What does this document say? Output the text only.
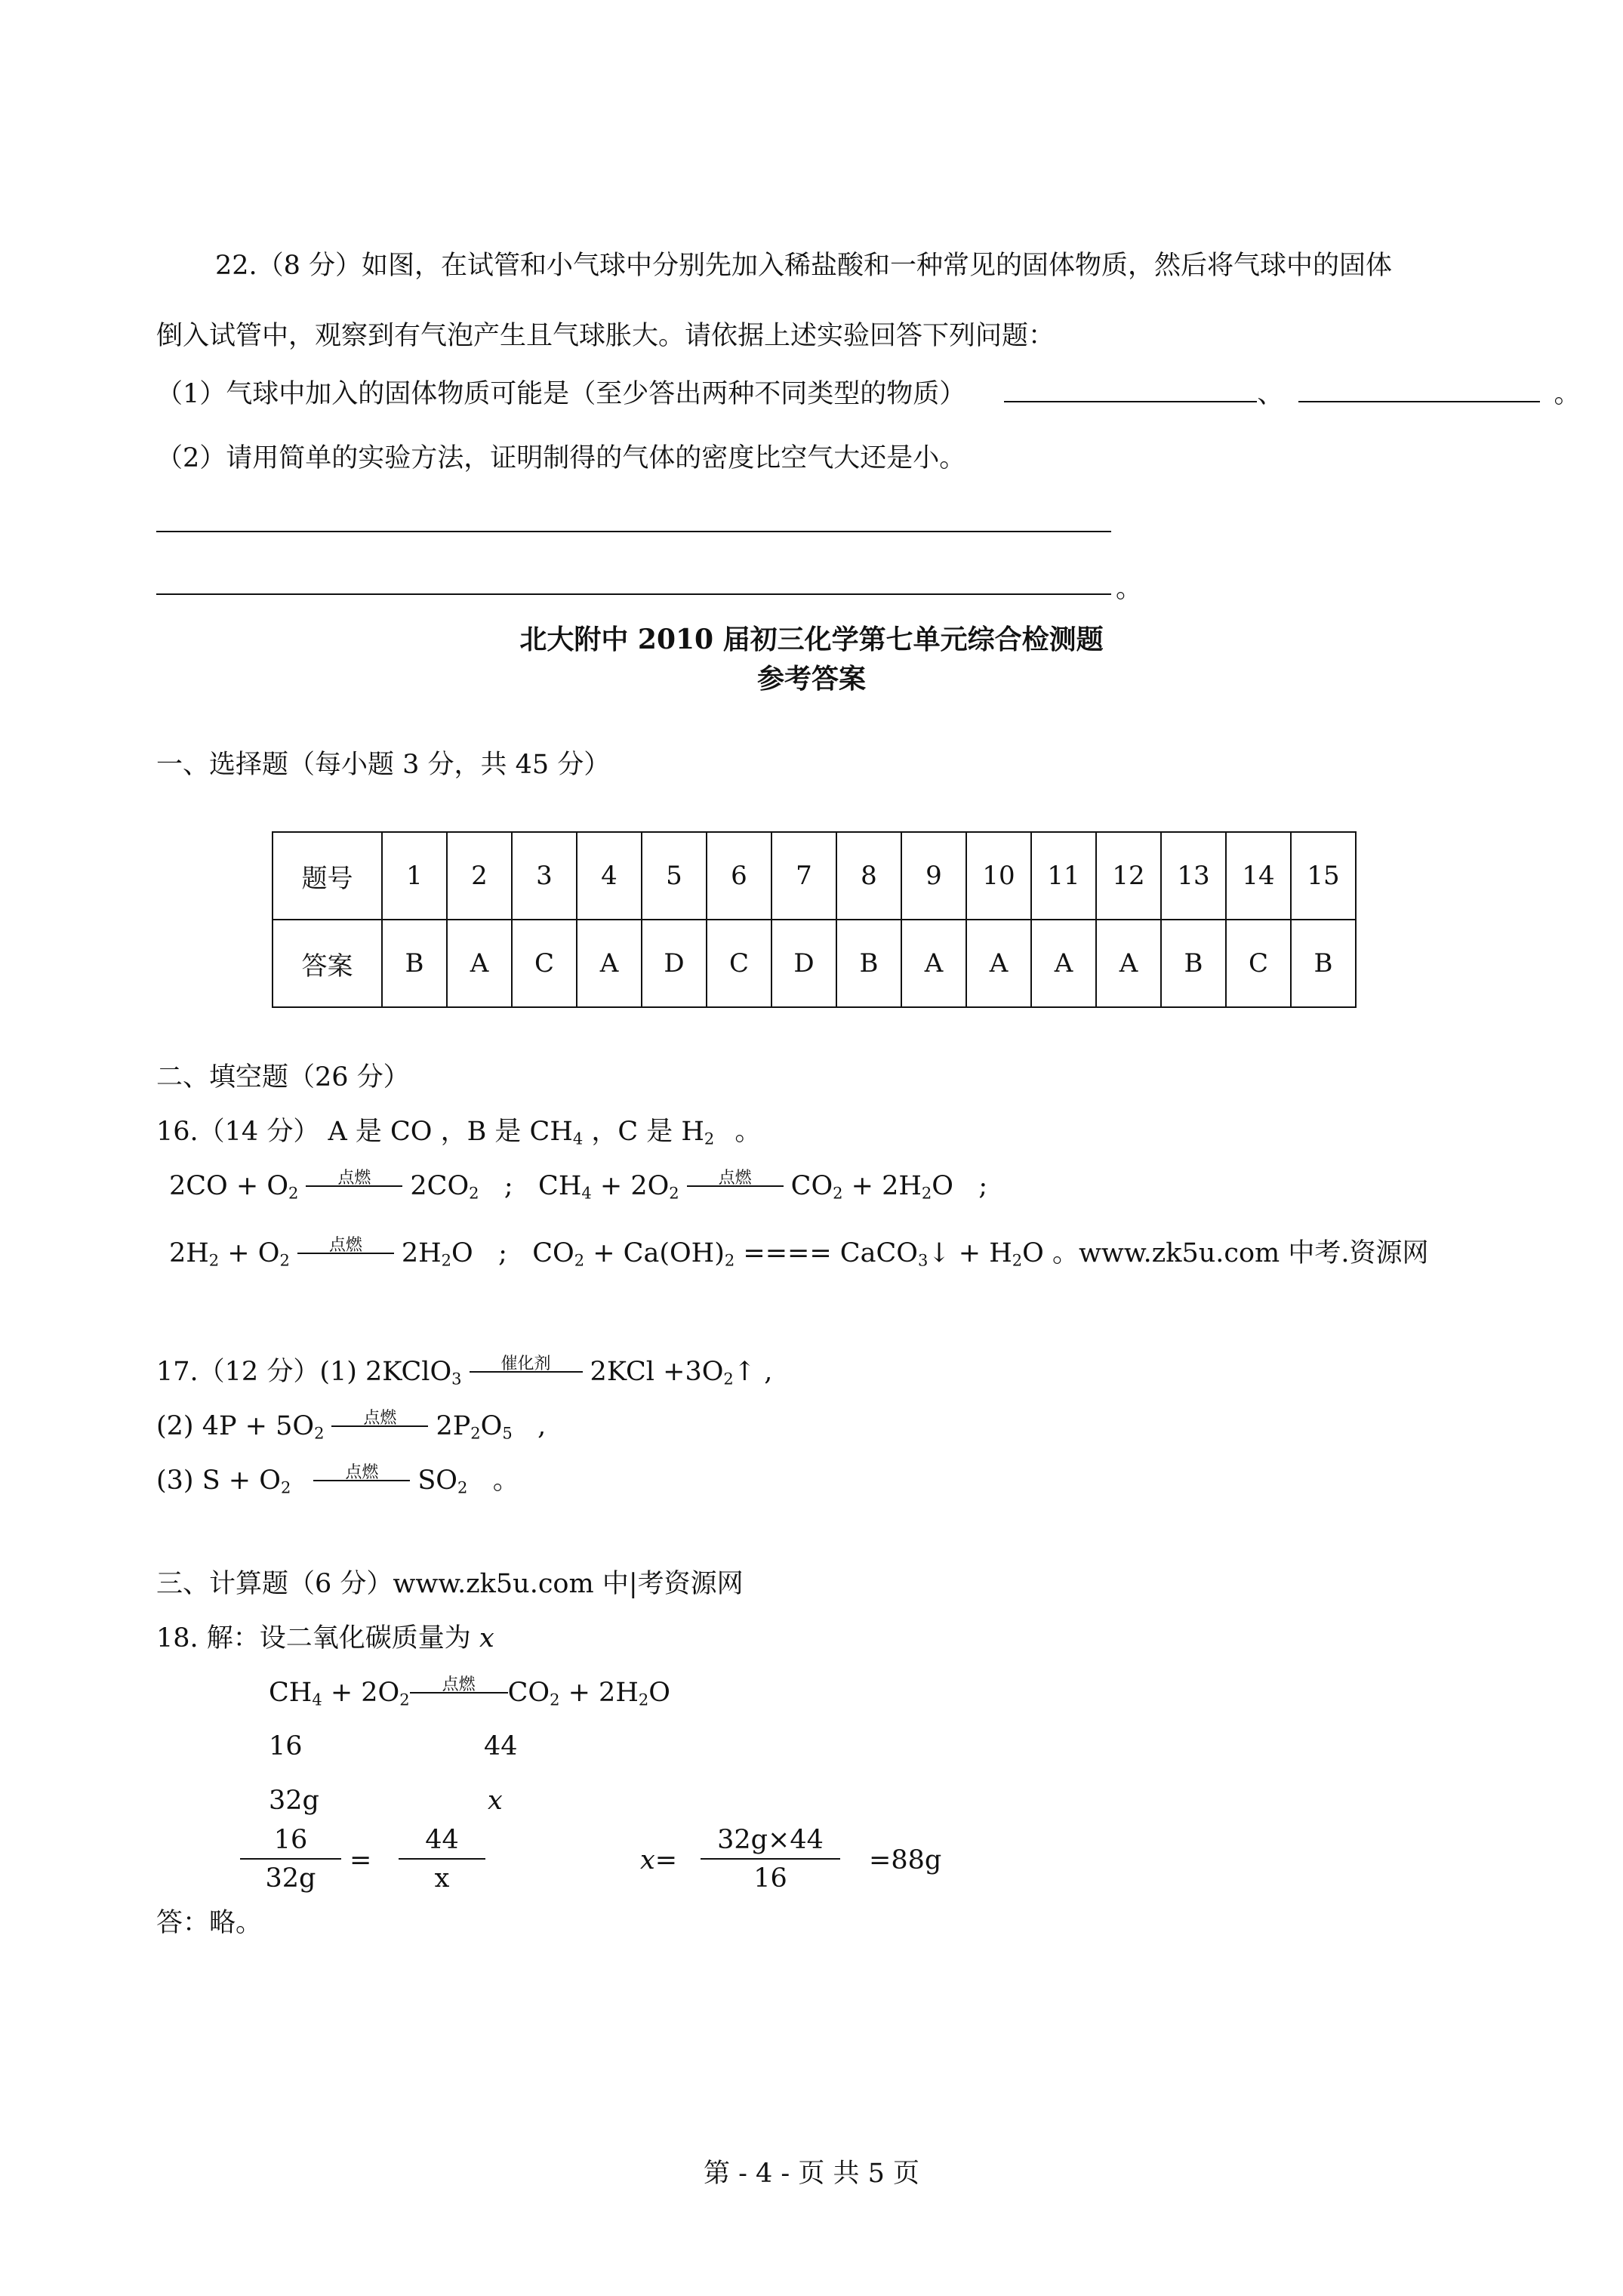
22.（8 分）如图，在试管和小气球中分别先加入稀盐酸和一种常见的固体物质，然后将气球中的固体
倒入试管中，观察到有气泡产生且气球胀大。请依据上述实验回答下列问题：
（1）气球中加入的固体物质可能是（至少答出两种不同类型的物质）	、	。
（2）请用简单的实验方法，证明制得的气体的密度比空气大还是小。
。
北大附中 2010 届初三化学第七单元综合检测题
参考答案
一、选择题（每小题 3 分，共 45 分）
题号	1	2	3	4	5	6	7	8	9	10	11	12	13	14	15
答案	B	A	C	A	D	C	D	B	A	A	A	A	B	C	B
二、填空题（26 分）
16.（14 分） A 是 CO ，B 是 $CH_4$ ，C 是 $H_2$ 。
$2CO + O_2$
点燃	$2CO_2$   ;   $CH_4 + 2O_2$
点燃	$CO_2 + 2H_2O$   ;
$2H_2 + O_2$
点燃	$2H_2O$   ;   $CO_2 + Ca(OH)_2$ ==== CaCO$_3$↓ + $H_2O$ 。www.zk5u.com 中考.资源网
17.（12 分）(1) 2KClO$_3$
催化剂	$2KCl +3O_2↑$ ,
(2) $4P + 5O_2$
点燃	$2P_2O_5$   ,
(3) $S + O_2$
点燃	$SO_2$   。
三、计算题（6 分）www.zk5u.com 中|考资源网
18. 解：设二氧化碳质量为 x
$CH_4 + 2O_2$
点燃	$CO_2 + 2H_2O$
16	44
32g	x
16
32g
=
44
x
x=
32g×44
16
=88g
答：略。
第 - 4 - 页 共 5 页
